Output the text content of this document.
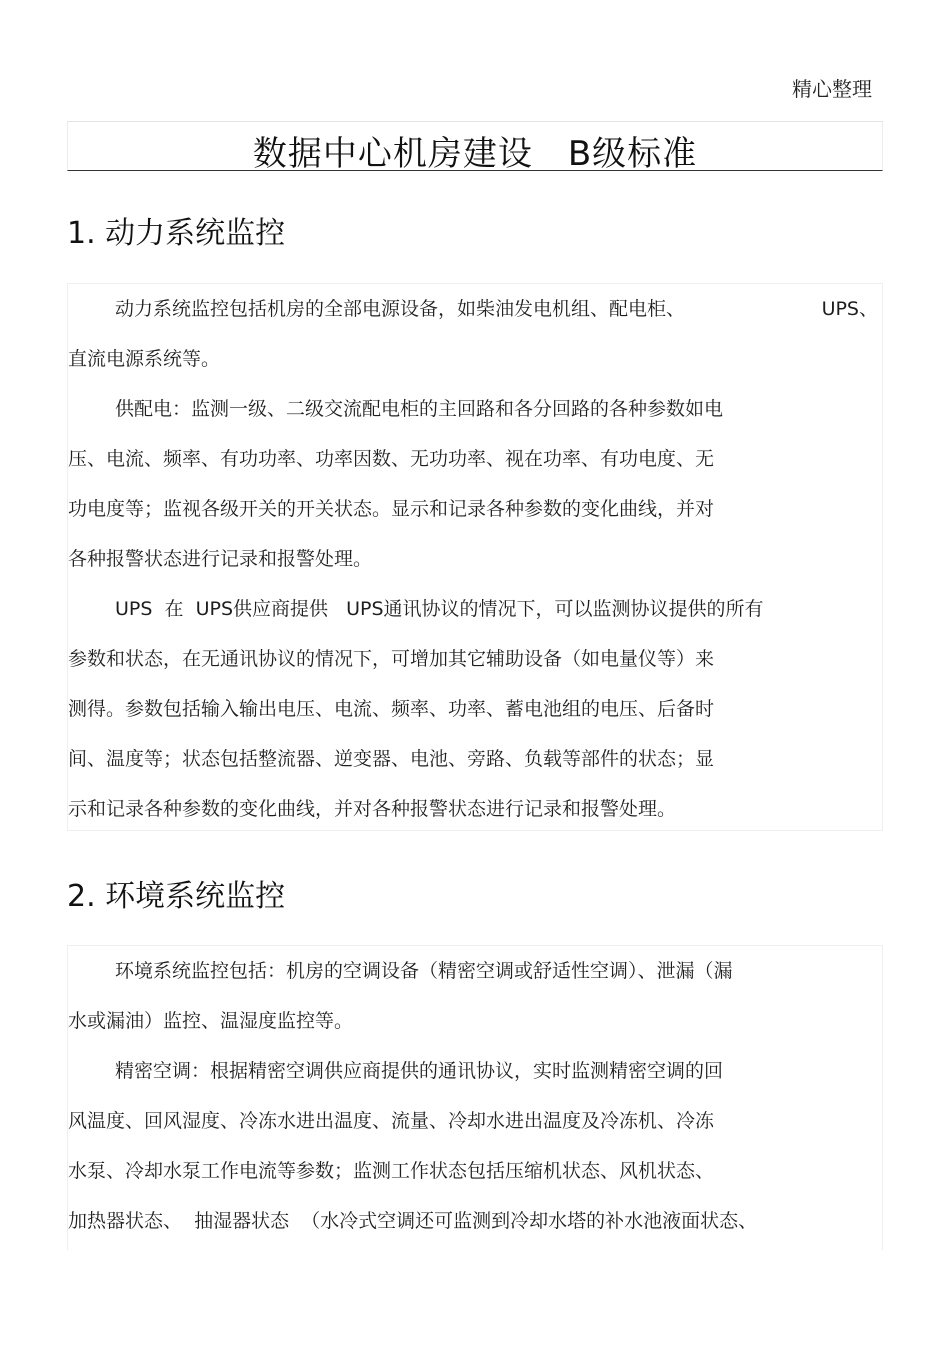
精心整理
数据中心机房建设　B级标准
1. 动力系统监控
动力系统监控包括机房的全部电源设备，如柴油发电机组、配电柜、	UPS、
直流电源系统等。
供配电：监测一级、二级交流配电柜的主回路和各分回路的各种参数如电
压、电流、频率、有功功率、功率因数、无功功率、视在功率、有功电度、无
功电度等；监视各级开关的开关状态。显示和记录各种参数的变化曲线，并对
各种报警状态进行记录和报警处理。
UPS  在  UPS供应商提供   UPS通讯协议的情况下，可以监测协议提供的所有
参数和状态，在无通讯协议的情况下，可增加其它辅助设备（如电量仪等）来
测得。参数包括输入输出电压、电流、频率、功率、蓄电池组的电压、后备时
间、温度等；状态包括整流器、逆变器、电池、旁路、负载等部件的状态；显
示和记录各种参数的变化曲线，并对各种报警状态进行记录和报警处理。
2. 环境系统监控
环境系统监控包括：机房的空调设备（精密空调或舒适性空调）、泄漏（漏
水或漏油）监控、温湿度监控等。
精密空调：根据精密空调供应商提供的通讯协议，实时监测精密空调的回
风温度、回风湿度、冷冻水进出温度、流量、冷却水进出温度及冷冻机、冷冻
水泵、冷却水泵工作电流等参数；监测工作状态包括压缩机状态、风机状态、
加热器状态、  抽湿器状态  （水冷式空调还可监测到冷却水塔的补水池液面状态、
